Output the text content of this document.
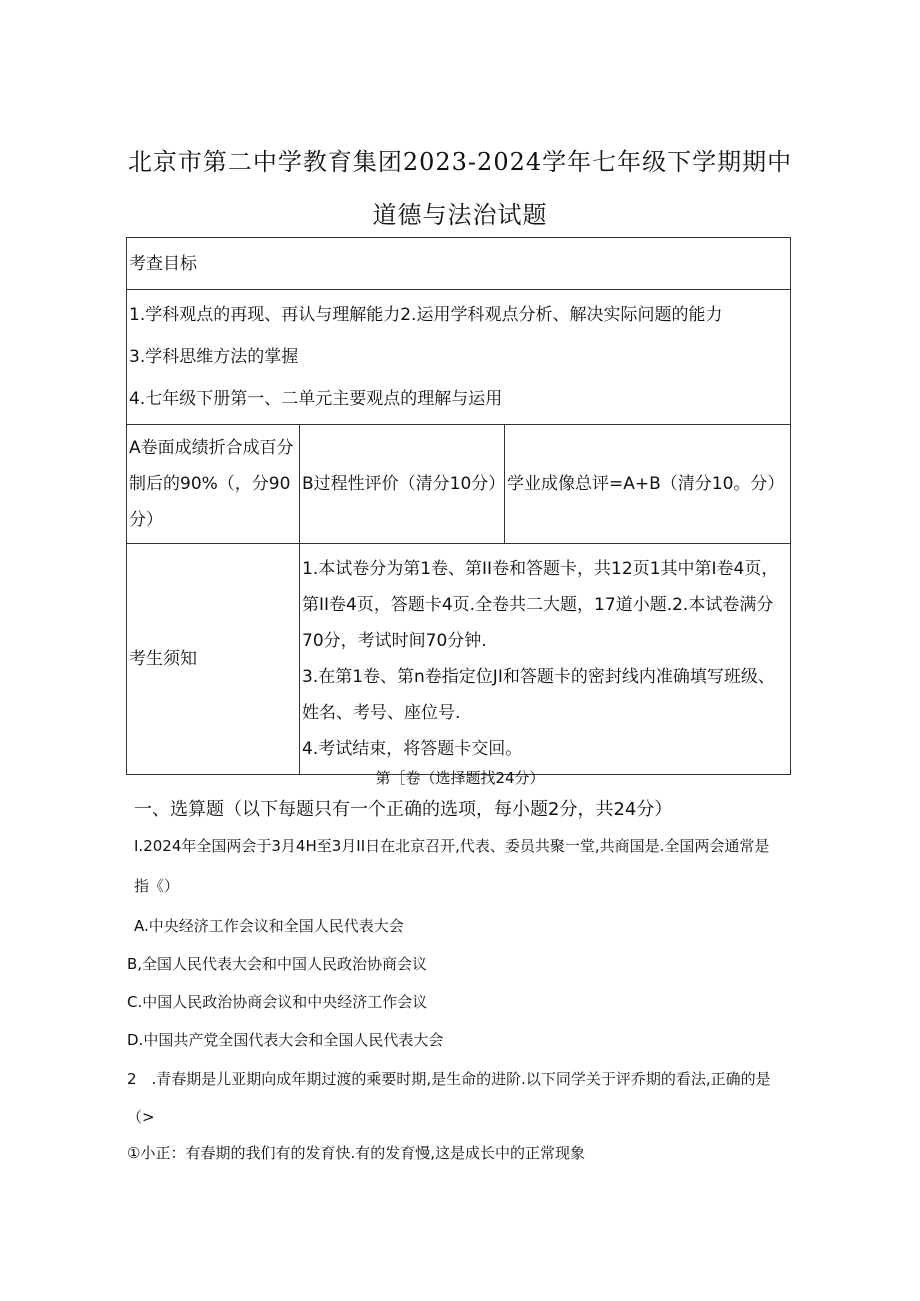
北京市第二中学教育集团2023-2024学年七年级下学期期中
道德与法治试题
考查目标		

1.学科观点的再现、再认与理解能力2.运用学科观点分析、解决实际问题的能力
3.学科思维方法的掌握
4.七年级下册第一、二单元主要观点的理解与运用		

A卷面成绩折合成百分制后的90%（，分90分）	B过程性评价（清分10分）	学业成像总评=A+B（清分10。分）
考生须知	1.本试卷分为第1卷、第II卷和答题卡，共12页1其中第I卷4页，第II卷4页，答题卡4页.全卷共二大题，17道小题.2.本试卷满分70分，考试时间70分钟.
3.在第1卷、第n卷指定位JI和答题卡的密封线内准确填写班级、姓名、考号、座位号.
4.考试结束，将答题卡交回。	
第［卷（选择题找24分）
一、选算题（以下每题只有一个正确的选项，每小题2分，共24分）
I.2024年全国两会于3月4H至3月II日在北京召开,代表、委员共聚一堂,共商国是.全国两会通常是
指《）
A.中央经济工作会议和全国人民代表大会
B,全国人民代表大会和中国人民政治协商会议
C.中国人民政治协商会议和中央经济工作会议
D.中国共产党全国代表大会和全国人民代表大会
2　.青春期是儿亚期向成年期过渡的乘要时期,是生命的进阶.以下同学关于评乔期的看法,正确的是
（>
①小正：有春期的我们有的发育快.有的发育慢,这是成长中的正常现象
